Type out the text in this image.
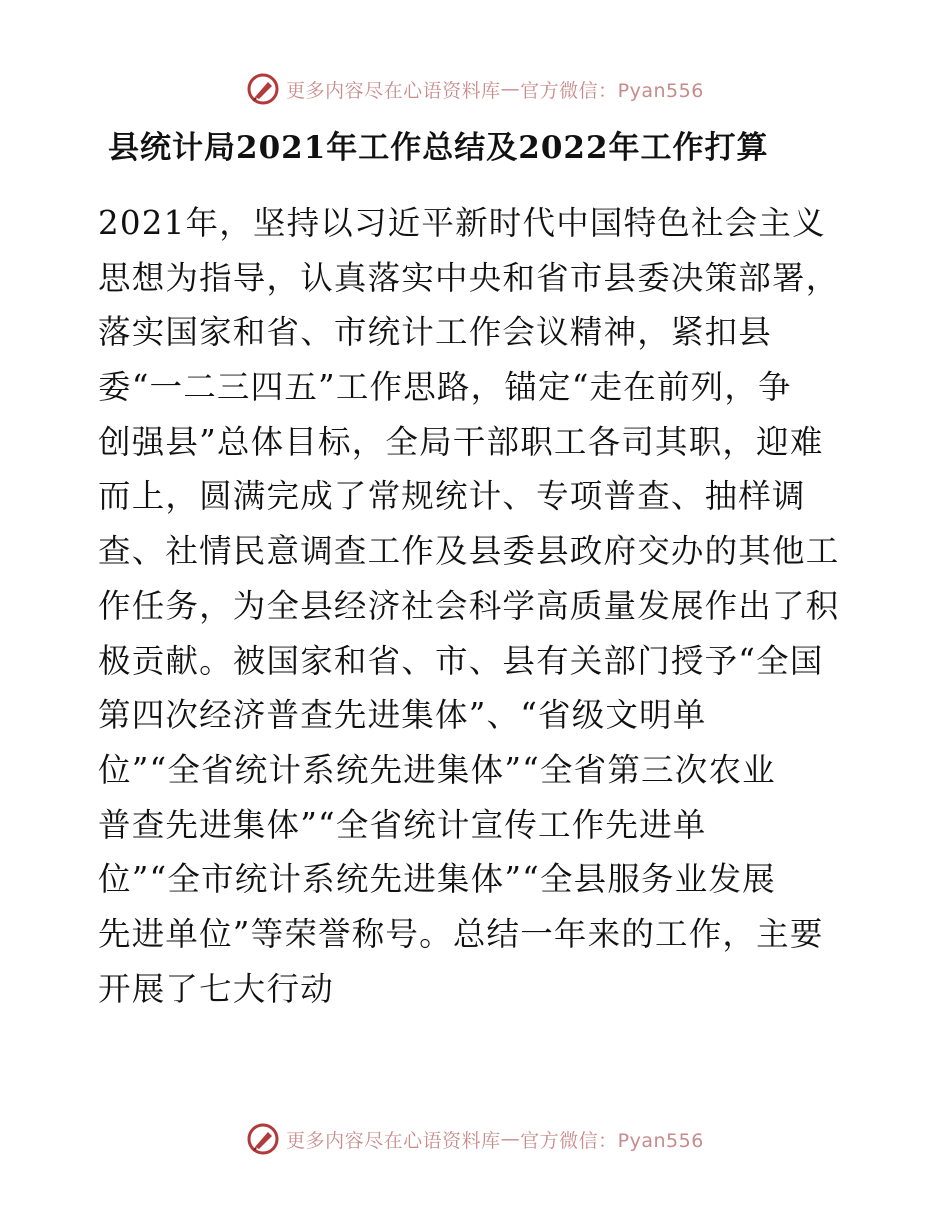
更多内容尽在心语资料库 — 官方微信：Pyan556
县统计局2021年工作总结及2022年工作打算
2021年，坚持以习近平新时代中国特色社会主义
思想为指导，认真落实中央和省市县委决策部署，
落实国家和省、市统计工作会议精神，紧扣县
委“一二三四五”工作思路，锚定“走在前列，争
创强县”总体目标，全局干部职工各司其职，迎难
而上，圆满完成了常规统计、专项普查、抽样调
查、社情民意调查工作及县委县政府交办的其他工
作任务，为全县经济社会科学高质量发展作出了积
极贡献。被国家和省、市、县有关部门授予“全国
第四次经济普查先进集体”、“省级文明单
位”“全省统计系统先进集体”“全省第三次农业
普查先进集体”“全省统计宣传工作先进单
位”“全市统计系统先进集体”“全县服务业发展
先进单位”等荣誉称号。总结一年来的工作，主要
开展了七大行动
更多内容尽在心语资料库 — 官方微信：Pyan556
